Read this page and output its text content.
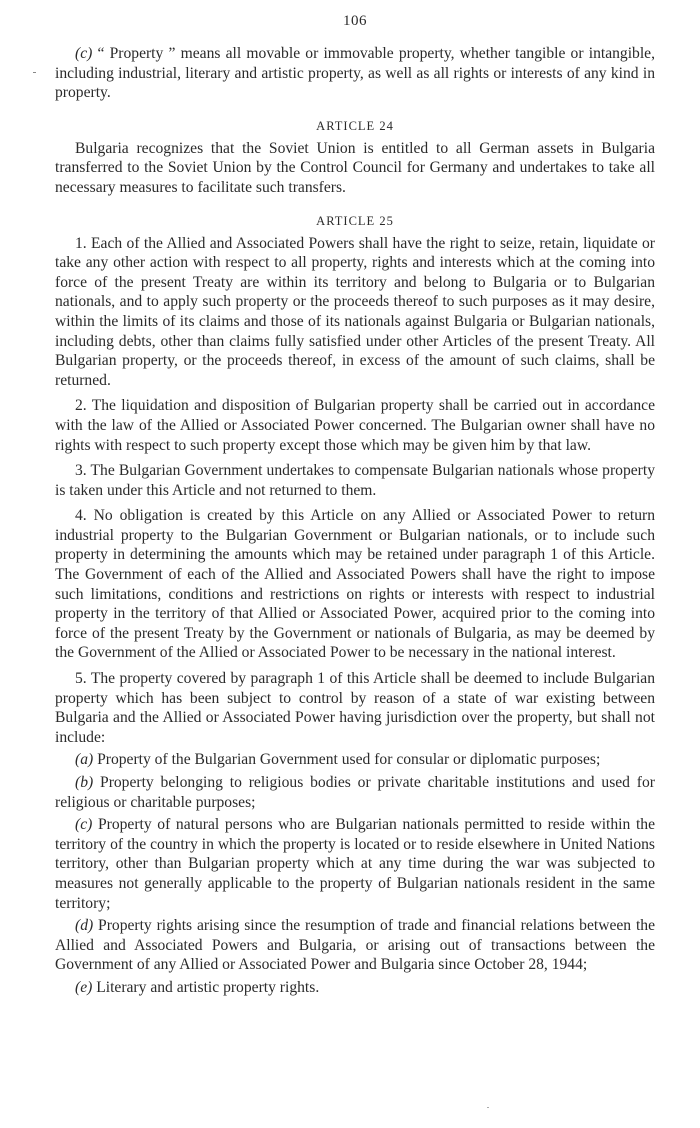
106

(c) “ Property ” means all movable or immovable property, whether tangible or intangible, including industrial, literary and artistic property, as well as all rights or interests of any kind in property.

ARTICLE 24

Bulgaria recognizes that the Soviet Union is entitled to all German assets in Bulgaria transferred to the Soviet Union by the Control Council for Germany and undertakes to take all necessary measures to facilitate such transfers.

ARTICLE 25

1. Each of the Allied and Associated Powers shall have the right to seize, retain, liquidate or take any other action with respect to all property, rights and interests which at the coming into force of the present Treaty are within its territory and belong to Bulgaria or to Bulgarian nationals, and to apply such property or the proceeds thereof to such purposes as it may desire, within the limits of its claims and those of its nationals against Bulgaria or Bulgarian nationals, including debts, other than claims fully satisfied under other Articles of the present Treaty. All Bulgarian property, or the proceeds thereof, in excess of the amount of such claims, shall be returned.

2. The liquidation and disposition of Bulgarian property shall be carried out in accordance with the law of the Allied or Associated Power concerned. The Bulgarian owner shall have no rights with respect to such property except those which may be given him by that law.

3. The Bulgarian Government undertakes to compensate Bulgarian nationals whose property is taken under this Article and not returned to them.

4. No obligation is created by this Article on any Allied or Associated Power to return industrial property to the Bulgarian Government or Bulgarian nationals, or to include such property in determining the amounts which may be retained under paragraph 1 of this Article. The Government of each of the Allied and Associated Powers shall have the right to impose such limitations, conditions and restrictions on rights or interests with respect to industrial property in the territory of that Allied or Associated Power, acquired prior to the coming into force of the present Treaty by the Government or nationals of Bulgaria, as may be deemed by the Government of the Allied or Associated Power to be necessary in the national interest.

5. The property covered by paragraph 1 of this Article shall be deemed to include Bulgarian property which has been subject to control by reason of a state of war existing between Bulgaria and the Allied or Associated Power having jurisdiction over the property, but shall not include:

(a) Property of the Bulgarian Government used for consular or diplomatic purposes;

(b) Property belonging to religious bodies or private charitable institutions and used for religious or charitable purposes;

(c) Property of natural persons who are Bulgarian nationals permitted to reside within the territory of the country in which the property is located or to reside elsewhere in United Nations territory, other than Bulgarian property which at any time during the war was subjected to measures not generally applicable to the property of Bulgarian nationals resident in the same territory;

(d) Property rights arising since the resumption of trade and financial relations between the Allied and Associated Powers and Bulgaria, or arising out of transactions between the Government of any Allied or Associated Power and Bulgaria since October 28, 1944;

(e) Literary and artistic property rights.
